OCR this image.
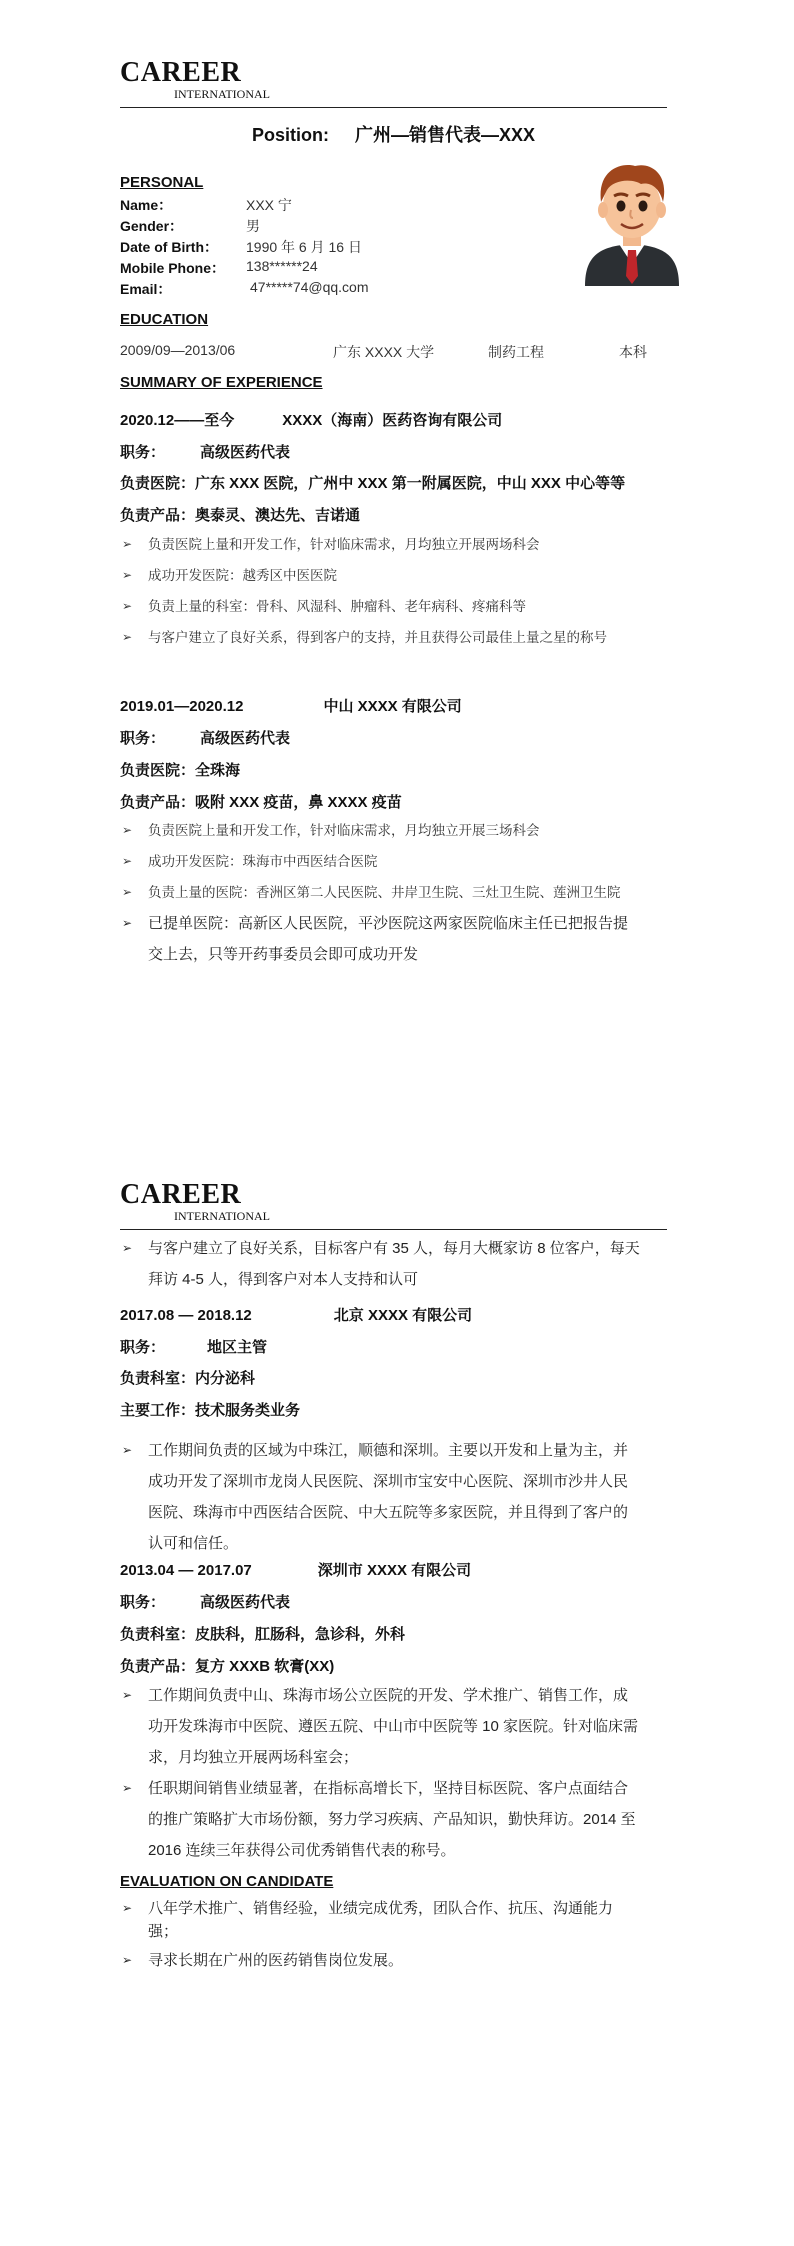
CAREER
INTERNATIONAL
Position: 广州—销售代表—XXX
PERSONAL
Name：	XXX 宁
Gender：	男
Date of Birth： 1990 年 6 月 16 日
Mobile Phone： 138******24
Email：	47*****74@qq.com
EDUCATION
2009/09—2013/06	广东 XXXX 大学	制药工程	本科
SUMMARY OF EXPERIENCE
2020.12——至今	XXXX（海南）医药咨询有限公司
职务： 高级医药代表
负责医院：广东 XXX 医院，广州中 XXX 第一附属医院，中山 XXX 中心等等
负责产品：奥泰灵、澳达先、吉诺通
➢ 负责医院上量和开发工作，针对临床需求，月均独立开展两场科会
➢ 成功开发医院：越秀区中医医院
➢ 负责上量的科室：骨科、风湿科、肿瘤科、老年病科、疼痛科等
➢ 与客户建立了良好关系，得到客户的支持，并且获得公司最佳上量之星的称号
2019.01—2020.12	中山 XXXX 有限公司
职务： 高级医药代表
负责医院：全珠海
负责产品：吸附 XXX 疫苗，鼻 XXXX 疫苗
➢ 负责医院上量和开发工作，针对临床需求，月均独立开展三场科会
➢ 成功开发医院：珠海市中西医结合医院
➢ 负责上量的医院：香洲区第二人民医院、井岸卫生院、三灶卫生院、莲洲卫生院
➢ 已提单医院：高新区人民医院，平沙医院这两家医院临床主任已把报告提
交上去，只等开药事委员会即可成功开发
CAREER
INTERNATIONAL
➢ 与客户建立了良好关系，目标客户有 35 人，每月大概家访 8 位客户，每天
拜访 4-5 人，得到客户对本人支持和认可
2017.08 — 2018.12	北京 XXXX 有限公司
职务：	地区主管
负责科室：内分泌科
主要工作：技术服务类业务
➢ 工作期间负责的区域为中珠江，顺德和深圳。主要以开发和上量为主，并
成功开发了深圳市龙岗人民医院、深圳市宝安中心医院、深圳市沙井人民
医院、珠海市中西医结合医院、中大五院等多家医院，并且得到了客户的
认可和信任。
2013.04 — 2017.07	深圳市 XXXX 有限公司
职务： 高级医药代表
负责科室：皮肤科，肛肠科，急诊科，外科
负责产品：复方 XXXB 软膏(XX)
➢ 工作期间负责中山、珠海市场公立医院的开发、学术推广、销售工作，成
功开发珠海市中医院、遵医五院、中山市中医院等 10 家医院。针对临床需
求，月均独立开展两场科室会；
➢ 任职期间销售业绩显著，在指标高增长下，坚持目标医院、客户点面结合
的推广策略扩大市场份额，努力学习疾病、产品知识，勤快拜访。2014 至
2016 连续三年获得公司优秀销售代表的称号。
EVALUATION ON CANDIDATE
➢ 八年学术推广、销售经验，业绩完成优秀，团队合作、抗压、沟通能力
强；
➢ 寻求长期在广州的医药销售岗位发展。
